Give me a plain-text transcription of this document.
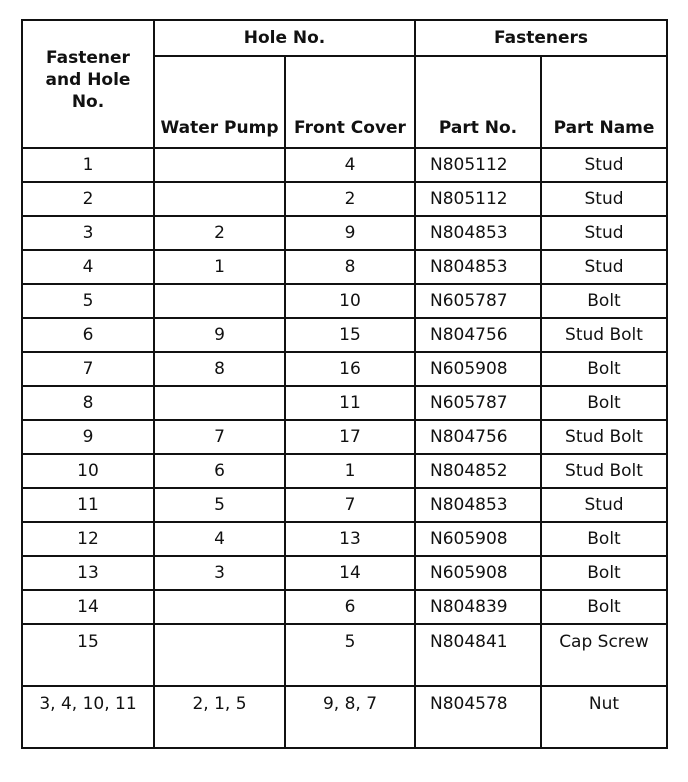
Fastener and Hole No.	Hole No.		Fasteners	
	Water Pump	Front Cover	Part No.	Part Name
1		4	N805112	Stud
2		2	N805112	Stud
3	2	9	N804853	Stud
4	1	8	N804853	Stud
5		10	N605787	Bolt
6	9	15	N804756	Stud Bolt
7	8	16	N605908	Bolt
8		11	N605787	Bolt
9	7	17	N804756	Stud Bolt
10	6	1	N804852	Stud Bolt
11	5	7	N804853	Stud
12	4	13	N605908	Bolt
13	3	14	N605908	Bolt
14		6	N804839	Bolt
15		5	N804841	Cap Screw
3, 4, 10, 11	2, 1, 5	9, 8, 7	N804578	Nut
